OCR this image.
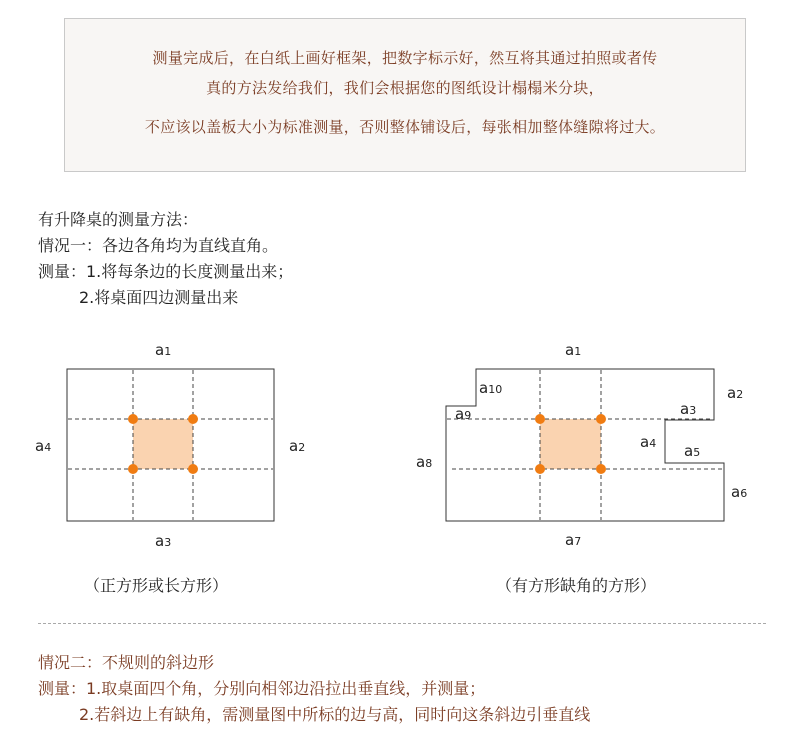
测量完成后，在白纸上画好框架，把数字标示好，然互将其通过拍照或者传

真的方法发给我们，我们会根据您的图纸设计榻榻米分块，

不应该以盖板大小为标准测量，否则整体铺设后，每张相加整体缝隙将过大。

有升降桌的测量方法：
情况一：各边各角均为直线直角。
测量：1.将每条边的长度测量出来；
2.将桌面四边测量出来
a1
a2
a3
a4
（正方形或长方形）
a1
a2
a3
a4 a5
a6
a7
a8
a9
a10
（有方形缺角的方形）
情况二：不规则的斜边形
测量：1.取桌面四个角，分别向相邻边沿拉出垂直线，并测量；
2.若斜边上有缺角，需测量图中所标的边与高，同时向这条斜边引垂直线
